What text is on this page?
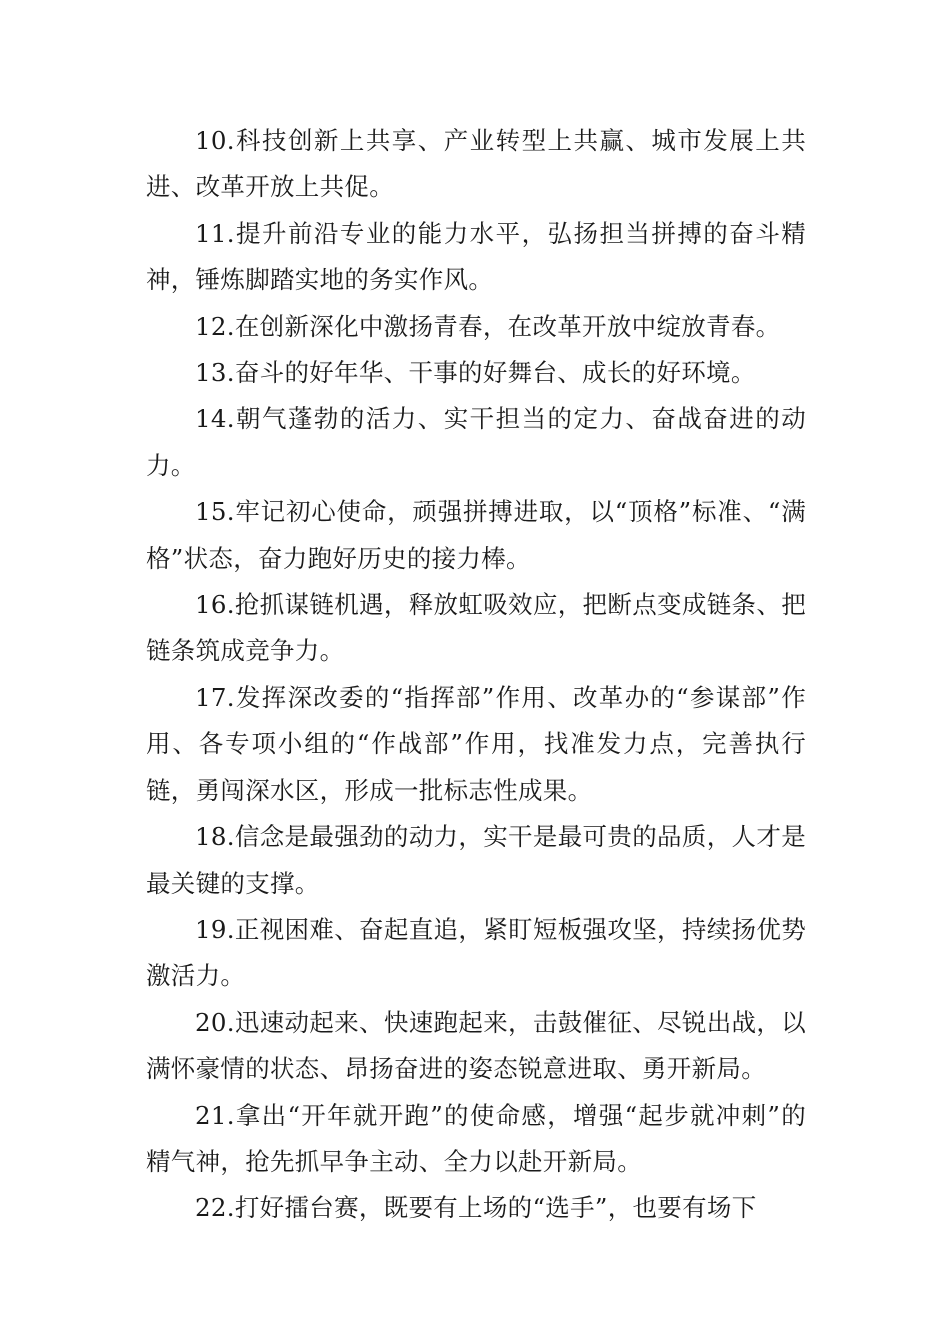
10.科技创新上共享、产业转型上共赢、城市发展上共进、改革开放上共促。

11.提升前沿专业的能力水平，弘扬担当拼搏的奋斗精神，锤炼脚踏实地的务实作风。

12.在创新深化中激扬青春，在改革开放中绽放青春。

13.奋斗的好年华、干事的好舞台、成长的好环境。

14.朝气蓬勃的活力、实干担当的定力、奋战奋进的动力。

15.牢记初心使命，顽强拼搏进取，以“顶格”标准、“满格”状态，奋力跑好历史的接力棒。

16.抢抓谋链机遇，释放虹吸效应，把断点变成链条、把链条筑成竞争力。

17.发挥深改委的“指挥部”作用、改革办的“参谋部”作用、各专项小组的“作战部”作用，找准发力点，完善执行链，勇闯深水区，形成一批标志性成果。

18.信念是最强劲的动力，实干是最可贵的品质，人才是最关键的支撑。

19.正视困难、奋起直追，紧盯短板强攻坚，持续扬优势激活力。

20.迅速动起来、快速跑起来，击鼓催征、尽锐出战，以满怀豪情的状态、昂扬奋进的姿态锐意进取、勇开新局。

21.拿出“开年就开跑”的使命感，增强“起步就冲刺”的精气神，抢先抓早争主动、全力以赴开新局。

22.打好擂台赛，既要有上场的“选手”，也要有场下
